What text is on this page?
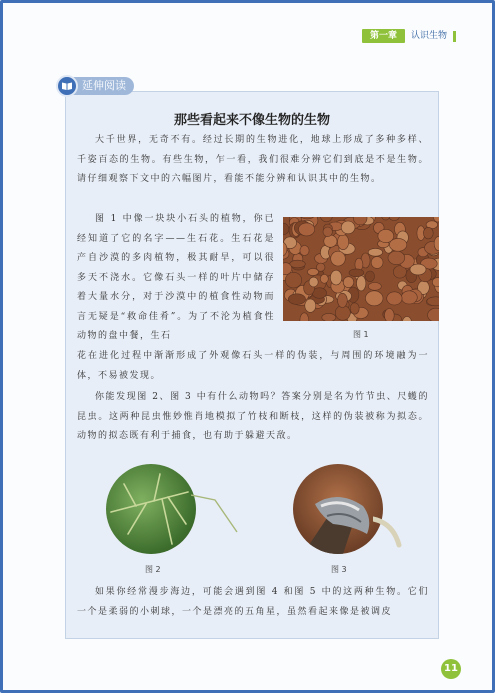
第一章	认识生物
延伸阅读
那些看起来不像生物的生物

大千世界，无奇不有。经过长期的生物进化，地球上形成了多种多样、千姿百态的生物。有些生物，乍一看，我们很难分辨它们到底是不是生物。请仔细观察下文中的六幅图片，看能不能分辨和认识其中的生物。

图 1 中像一块块小石头的植物，你已经知道了它的名字——生石花。生石花是产自沙漠的多肉植物，极其耐旱，可以很多天不浇水。它像石头一样的叶片中储存着大量水分，对于沙漠中的植食性动物而言无疑是“救命佳肴”。为了不沦为植食性动物的盘中餐，生石	图 1

花在进化过程中渐渐形成了外观像石头一样的伪装，与周围的环境融为一体，不易被发现。

你能发现图 2、图 3 中有什么动物吗？答案分别是名为竹节虫、尺蠖的昆虫。这两种昆虫惟妙惟肖地模拟了竹枝和断枝，这样的伪装被称为拟态。动物的拟态既有利于捕食，也有助于躲避天敌。

图 2	图 3

如果你经常漫步海边，可能会遇到图 4 和图 5 中的这两种生物。它们一个是柔弱的小刺球，一个是漂亮的五角星，虽然看起来像是被调皮

11
